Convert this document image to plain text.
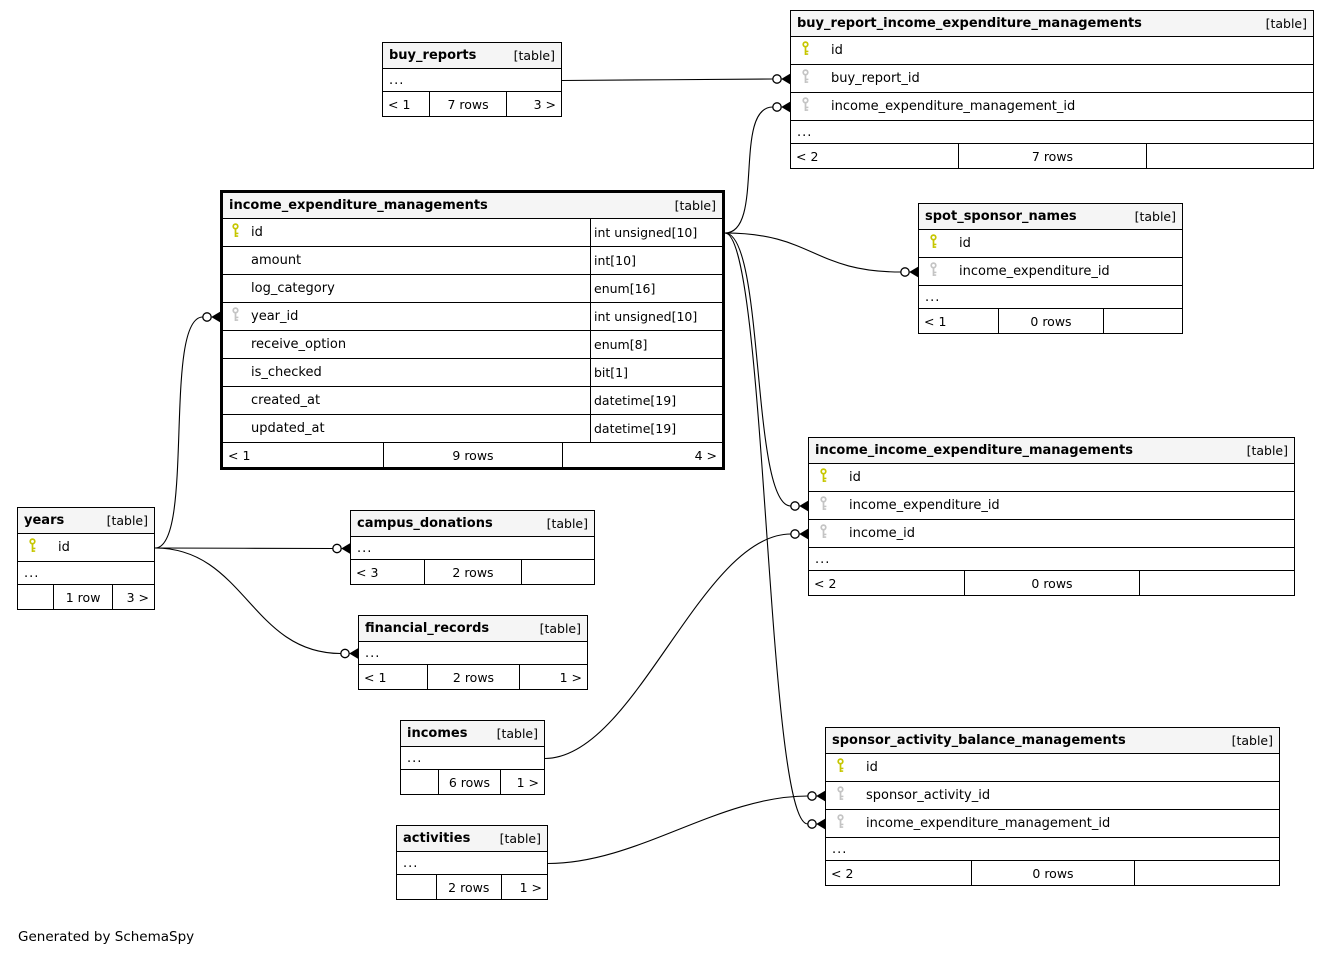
buy_reports	[table]
...
< 1	7 rows	3 >
buy_report_income_expenditure_managements	[table]
id
buy_report_id
income_expenditure_management_id
...
< 2	7 rows
income_expenditure_managements	[table]
id	int unsigned[10]
amount	int[10]
log_category	enum[16]
year_id	int unsigned[10]
receive_option	enum[8]
is_checked	bit[1]
created_at	datetime[19]
updated_at	datetime[19]
< 1	9 rows	4 >
spot_sponsor_names	[table]
id
income_expenditure_id
...
< 1	0 rows
income_income_expenditure_managements	[table]
id
income_expenditure_id
income_id
...
< 2	0 rows
years	[table]
id
...
1 row	3 >
campus_donations	[table]
...
< 3	2 rows
financial_records	[table]
...
< 1	2 rows	1 >
incomes [table]
...
6 rows	1 >
activities [table]
...
2 rows	1 >
sponsor_activity_balance_managements	[table]
id
sponsor_activity_id
income_expenditure_management_id
...
< 2	0 rows
Generated by SchemaSpy
